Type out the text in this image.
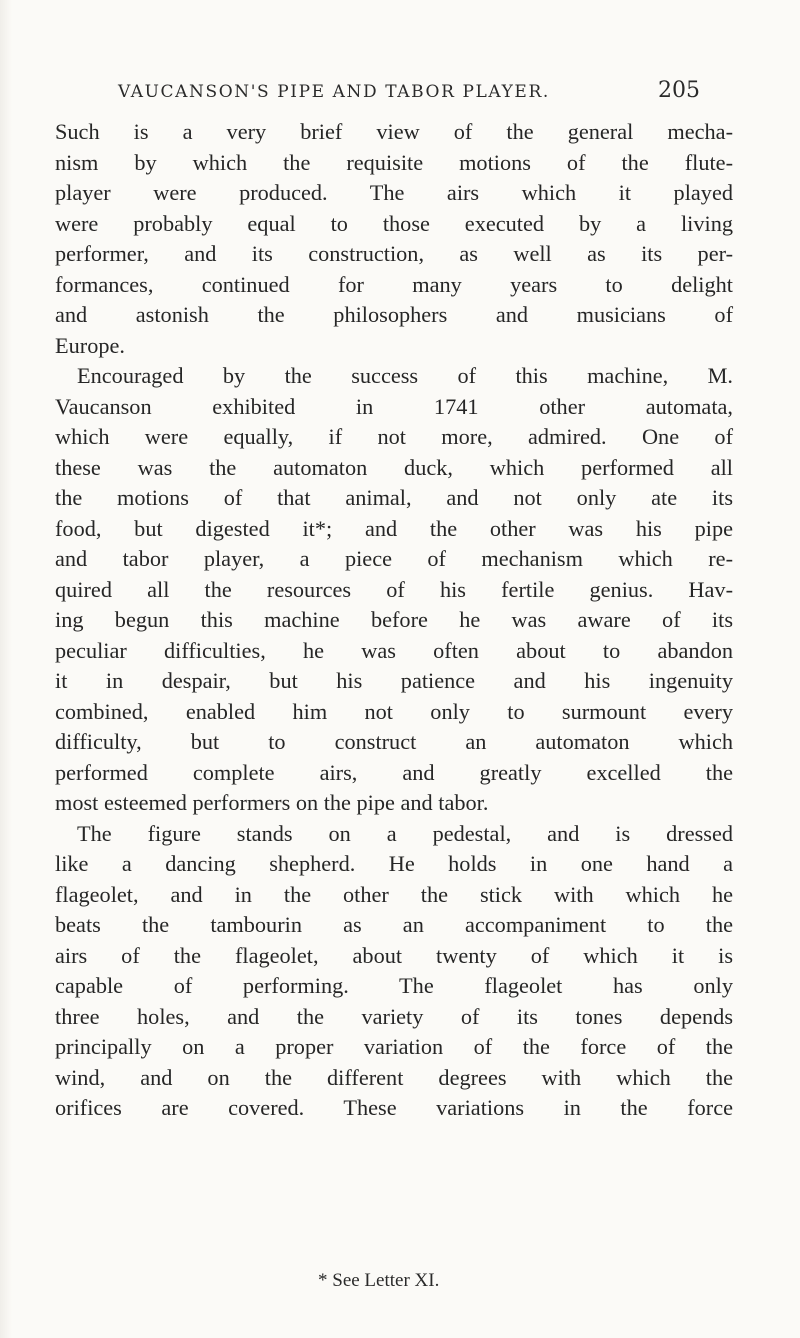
VAUCANSON'S PIPE AND TABOR PLAYER.	205
Such is a very brief view of the general mecha-
nism by which the requisite motions of the flute-
player were produced. The airs which it played
were probably equal to those executed by a living
performer, and its construction, as well as its per-
formances, continued for many years to delight
and astonish the philosophers and musicians of
Europe.
Encouraged by the success of this machine, M.
Vaucanson exhibited in 1741 other automata,
which were equally, if not more, admired. One of
these was the automaton duck, which performed all
the motions of that animal, and not only ate its
food, but digested it*; and the other was his pipe
and tabor player, a piece of mechanism which re-
quired all the resources of his fertile genius. Hav-
ing begun this machine before he was aware of its
peculiar difficulties, he was often about to abandon
it in despair, but his patience and his ingenuity
combined, enabled him not only to surmount every
difficulty, but to construct an automaton which
performed complete airs, and greatly excelled the
most esteemed performers on the pipe and tabor.
The figure stands on a pedestal, and is dressed
like a dancing shepherd. He holds in one hand a
flageolet, and in the other the stick with which he
beats the tambourin as an accompaniment to the
airs of the flageolet, about twenty of which it is
capable of performing. The flageolet has only
three holes, and the variety of its tones depends
principally on a proper variation of the force of the
wind, and on the different degrees with which the
orifices are covered. These variations in the force
* See Letter XI.
